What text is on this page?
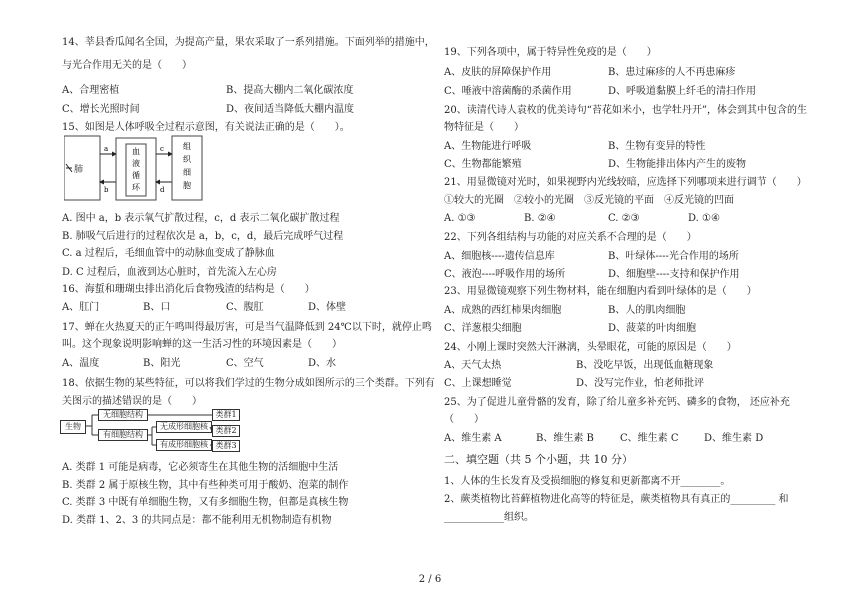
14、莘县香瓜闻名全国，为提高产量，果农采取了一系列措施。下面列举的措施中，
与光合作用无关的是（　　）
A、合理密植	B、提高大棚内二氧化碳浓度
C、增长光照时间	D、夜间适当降低大棚内温度
15、如图是人体呼吸全过程示意图，有关说法正确的是（　　）。
肺
a
b
血
液
循
环
c
d
组
织
细
胞
A. 图中 a，b 表示氧气扩散过程，c，d 表示二氧化碳扩散过程
B. 肺吸气后进行的过程依次是 a，b，c，d，最后完成呼气过程
C. a 过程后，毛细血管中的动脉血变成了静脉血
D. C 过程后，血液到达心脏时，首先流入左心房
16、海蜇和珊瑚虫排出消化后食物残渣的结构是（　　）
A、肛门	B、口	C、腹肛	D、体壁
17、蝉在火热夏天的正午鸣叫得最厉害，可是当气温降低到 24℃以下时，就停止鸣
叫。这个现象说明影响蝉的这一生活习性的环境因素是（　　）
A、温度	B、阳光	C、空气	D、水
18、依据生物的某些特征，可以将我们学过的生物分成如图所示的三个类群。下列有
关图示的描述错误的是（　　）
生物
无细胞结构
有细胞结构
无成形细胞核
有成形细胞核
类群1
类群2
类群3
A. 类群 1 可能是病毒，它必须寄生在其他生物的活细胞中生活
B. 类群 2 属于原核生物，其中有些种类可用于酸奶、泡菜的制作
C. 类群 3 中既有单细胞生物，又有多细胞生物，但都是真核生物
D. 类群 1、2、3 的共同点是：都不能利用无机物制造有机物
19、下列各项中，属于特异性免疫的是（　　）
A、皮肤的屏障保护作用	B、患过麻疹的人不再患麻疹
C、唾液中溶菌酶的杀菌作用	D、呼吸道黏膜上纤毛的清扫作用
20、读清代诗人袁枚的优美诗句“苔花如米小，也学牡丹开”，体会到其中包含的生
物特征是（　　）
A、生物能进行呼吸	B、生物有变异的特性
C、生物都能繁殖	D、生物能排出体内产生的废物
21、用显微镜对光时，如果视野内光线较暗，应选择下列哪项来进行调节（　　）
①较大的光圈　②较小的光圈　③反光镜的平面　④反光镜的凹面
A. ①③	B. ②④	C. ②③	D. ①④
22、下列各组结构与功能的对应关系不合理的是（　　）
A、细胞核----遗传信息库	B、叶绿体----光合作用的场所
C、液泡----呼吸作用的场所	D、细胞壁----支持和保护作用
23、用显微镜观察下列生物材料，能在细胞内看到叶绿体的是（　　）
A、成熟的西红柿果肉细胞	B、人的肌肉细胞
C、洋葱根尖细胞	D、菠菜的叶肉细胞
24、小刚上课时突然大汗淋漓，头晕眼花，可能的原因是（　　）
A、天气太热	B、没吃早饭，出现低血糖现象
C、上课想睡觉	D、没写完作业，怕老师批评
25、为了促进儿童骨骼的发育，除了给儿童多补充钙、磷多的食物， 还应补充
（　　）
A、维生素 A	B、维生素 B	C、维生素 C	D、维生素 D
二、填空题（共 5 个小题，共 10 分）
1、人体的生长发育及受损细胞的修复和更新都离不开________。
2、蕨类植物比苔藓植物进化高等的特征是，蕨类植物具有真正的_________ 和
____________组织。
2 / 6
